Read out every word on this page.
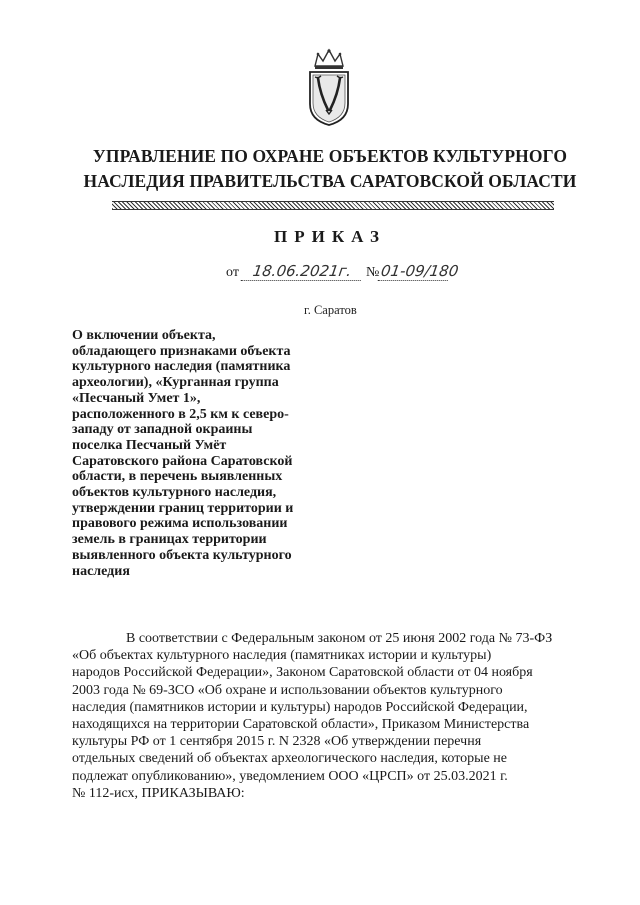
УПРАВЛЕНИЕ ПО ОХРАНЕ ОБЪЕКТОВ КУЛЬТУРНОГО
НАСЛЕДИЯ ПРАВИТЕЛЬСТВА САРАТОВСКОЙ ОБЛАСТИ
ПРИКАЗ
от 18.06.2021г. №01-09/180
г. Саратов
О включении объекта,
обладающего признаками объекта
культурного наследия (памятника
археологии), «Курганная группа
«Песчаный Умет 1»,
расположенного в 2,5 км к северо-
западу от западной окраины
поселка Песчаный Умёт
Саратовского района Саратовской
области, в перечень выявленных
объектов культурного наследия,
утверждении границ территории и
правового режима использовании
земель в границах территории
выявленного объекта культурного
наследия
В соответствии с Федеральным законом от 25 июня 2002 года № 73-ФЗ
«Об объектах культурного наследия (памятниках истории и культуры)
народов Российской Федерации», Законом Саратовской области от 04 ноября
2003 года № 69-ЗСО «Об охране и использовании объектов культурного
наследия (памятников истории и культуры) народов Российской Федерации,
находящихся на территории Саратовской области», Приказом Министерства
культуры РФ от 1 сентября 2015 г. N 2328 «Об утверждении перечня
отдельных сведений об объектах археологического наследия, которые не
подлежат опубликованию», уведомлением ООО «ЦРСП» от 25.03.2021 г.
№ 112-исх, ПРИКАЗЫВАЮ:
